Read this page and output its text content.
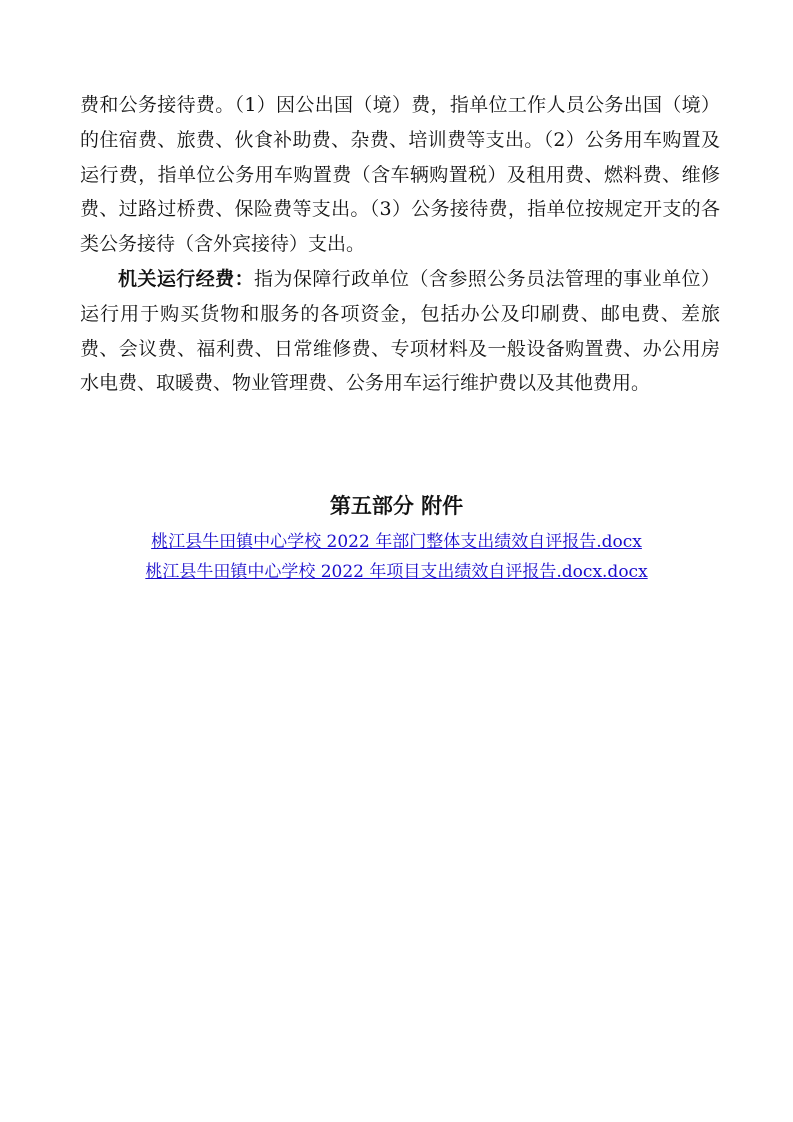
费和公务接待费。（1）因公出国（境）费，指单位工作人员公务出国（境）的住宿费、旅费、伙食补助费、杂费、培训费等支出。（2）公务用车购置及运行费，指单位公务用车购置费（含车辆购置税）及租用费、燃料费、维修费、过路过桥费、保险费等支出。（3）公务接待费，指单位按规定开支的各类公务接待（含外宾接待）支出。

机关运行经费：指为保障行政单位（含参照公务员法管理的事业单位）运行用于购买货物和服务的各项资金，包括办公及印刷费、邮电费、差旅费、会议费、福利费、日常维修费、专项材料及一般设备购置费、办公用房水电费、取暖费、物业管理费、公务用车运行维护费以及其他费用。

第五部分 附件
桃江县牛田镇中心学校 2022 年部门整体支出绩效自评报告.docx
桃江县牛田镇中心学校 2022 年项目支出绩效自评报告.docx.docx
